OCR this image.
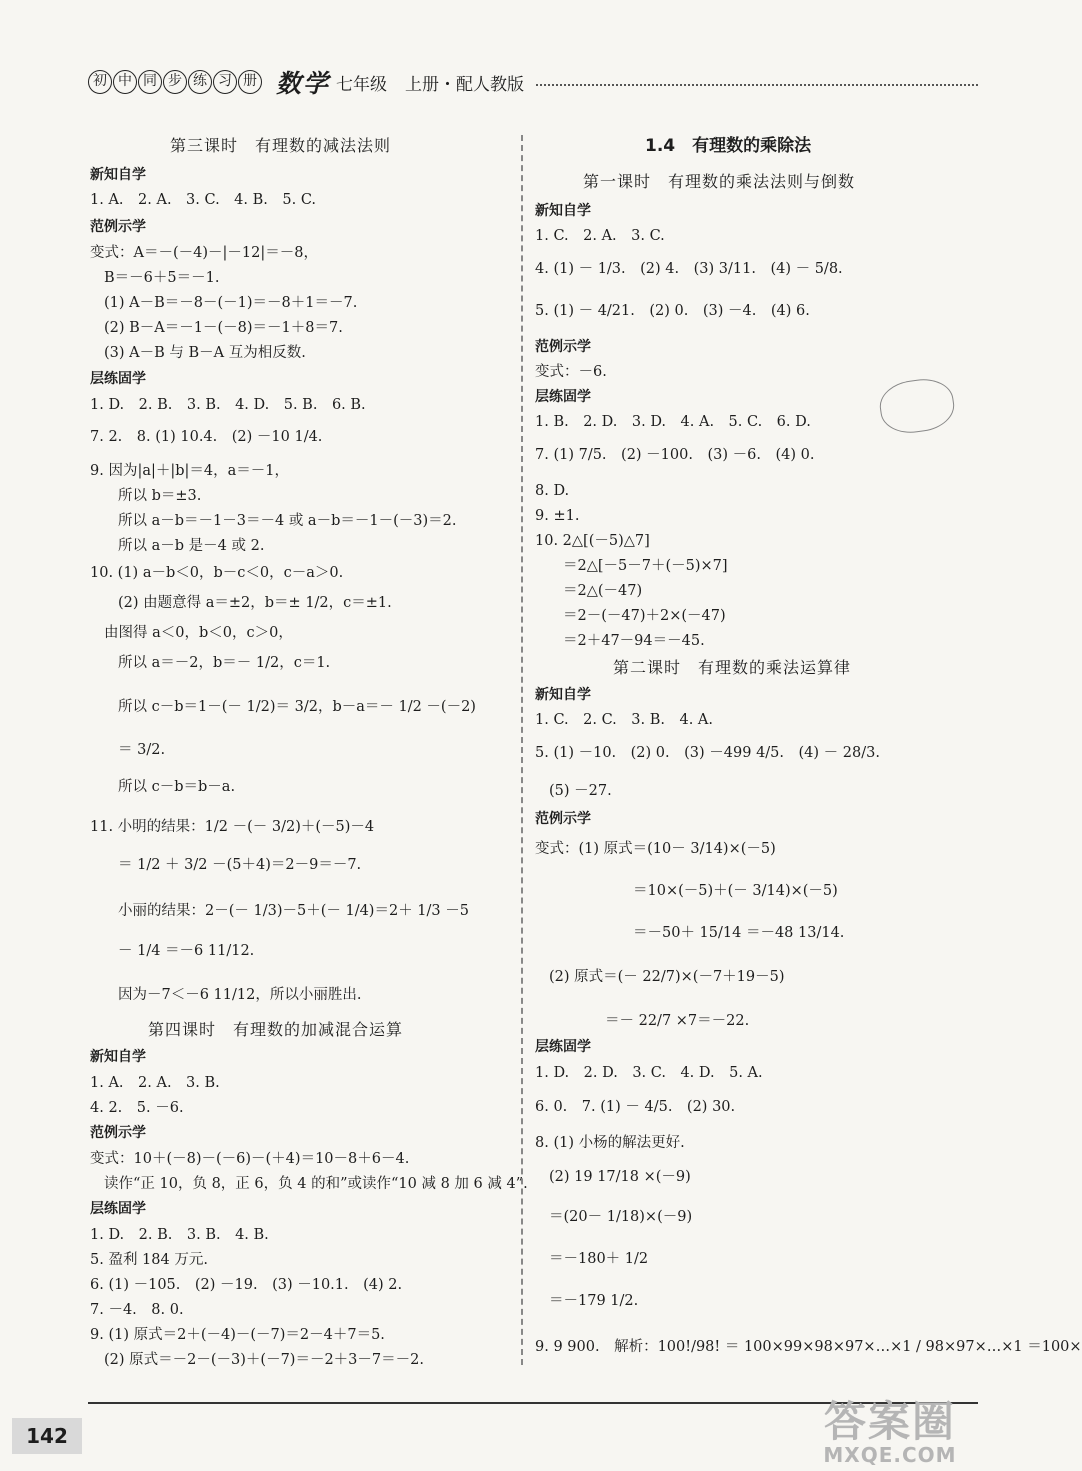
初 中 同 步 练 习 册 数学 七年级 上册・配人教版
第三课时　有理数的减法法则
新知自学
1. A.　2. A.　3. C.　4. B.　5. C.
范例示学
变式：A＝－(－4)－|－12|＝－8，
B＝－6＋5＝－1.
(1) A－B＝－8－(－1)＝－8＋1＝－7.
(2) B－A＝－1－(－8)＝－1＋8＝7.
(3) A－B 与 B－A 互为相反数.
层练固学
1. D.　2. B.　3. B.　4. D.　5. B.　6. B.
7. 2.　8. (1) 10.4.　(2) －10 1/4.
9. 因为|a|＋|b|＝4，a＝－1，
所以 b＝±3.
所以 a－b＝－1－3＝－4 或 a－b＝－1－(－3)＝2.
所以 a－b 是－4 或 2.
10. (1) a－b＜0，b－c＜0，c－a＞0.
(2) 由题意得 a＝±2，b＝± 1/2，c＝±1.
由图得 a＜0，b＜0，c＞0，
所以 a＝－2，b＝－ 1/2，c＝1.
所以 c－b＝1－(－ 1/2)＝ 3/2，b－a＝－ 1/2 －(－2)
＝ 3/2.
所以 c－b＝b－a.
11. 小明的结果：1/2 －(－ 3/2)＋(－5)－4
＝ 1/2 ＋ 3/2 －(5＋4)＝2－9＝－7.
小丽的结果：2－(－ 1/3)－5＋(－ 1/4)＝2＋ 1/3 －5
－ 1/4 ＝－6 11/12.
因为－7＜－6 11/12，所以小丽胜出.
第四课时　有理数的加减混合运算
新知自学
1. A.　2. A.　3. B.
4. 2.　5. －6.
范例示学
变式：10＋(－8)－(－6)－(＋4)＝10－8＋6－4.
读作“正 10，负 8，正 6，负 4 的和”或读作“10 减 8 加 6 减 4”.
层练固学
1. D.　2. B.　3. B.　4. B.
5. 盈利 184 万元.
6. (1) －105.　(2) －19.　(3) －10.1.　(4) 2.
7. －4.　8. 0.
9. (1) 原式＝2＋(－4)－(－7)＝2－4＋7＝5.
(2) 原式＝－2－(－3)＋(－7)＝－2＋3－7＝－2.
1.4　有理数的乘除法
第一课时　有理数的乘法法则与倒数
新知自学
1. C.　2. A.　3. C.
4. (1) － 1/3.　(2) 4.　(3) 3/11.　(4) － 5/8.
5. (1) － 4/21.　(2) 0.　(3) －4.　(4) 6.
范例示学
变式：－6.
层练固学
1. B.　2. D.　3. D.　4. A.　5. C.　6. D.
7. (1) 7/5.　(2) －100.　(3) －6.　(4) 0.
8. D.
9. ±1.
10. 2△[(－5)△7]
＝2△[－5－7＋(－5)×7]
＝2△(－47)
＝2－(－47)＋2×(－47)
＝2＋47－94＝－45.
第二课时　有理数的乘法运算律
新知自学
1. C.　2. C.　3. B.　4. A.
5. (1) －10.　(2) 0.　(3) －499 4/5.　(4) － 28/3.
(5) －27.
范例示学
变式：(1) 原式＝(10－ 3/14)×(－5)
＝10×(－5)＋(－ 3/14)×(－5)
＝－50＋ 15/14 ＝－48 13/14.
(2) 原式＝(－ 22/7)×(－7＋19－5)
＝－ 22/7 ×7＝－22.
层练固学
1. D.　2. D.　3. C.　4. D.　5. A.
6. 0.　7. (1) － 4/5.　(2) 30.
8. (1) 小杨的解法更好.
(2) 19 17/18 ×(－9)
＝(20－ 1/18)×(－9)
＝－180＋ 1/2
＝－179 1/2.
9. 9 900.　解析：100!/98! ＝ 100×99×98×97×…×1 / 98×97×…×1 ＝100×
142	答案圈
MXQE.COM
